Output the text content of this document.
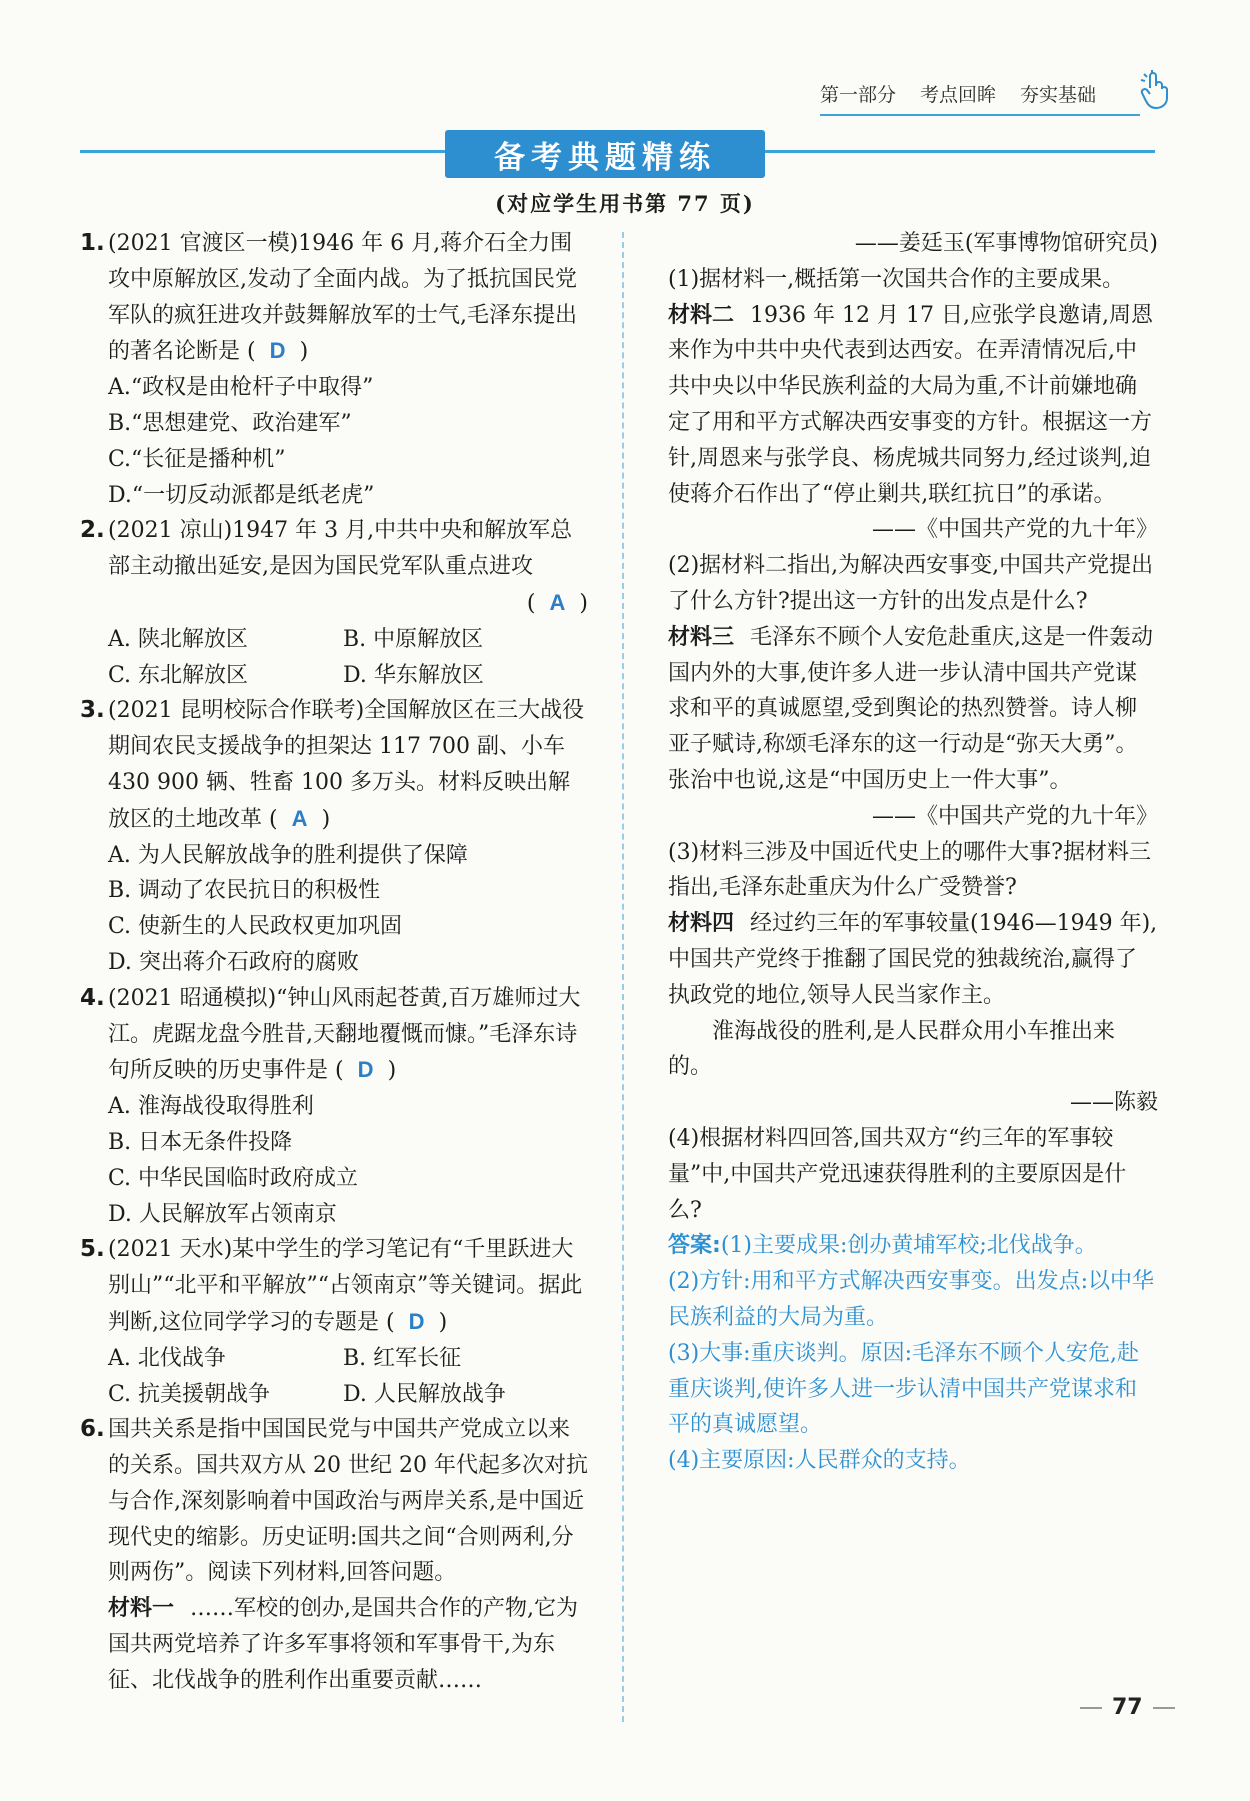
第一部分 考点回眸 夯实基础
备考典题精练
(对应学生用书第 77 页)
1. (2021 官渡区一模)1946 年 6 月,蒋介石全力围攻中原解放区,发动了全面内战。为了抵抗国民党军队的疯狂进攻并鼓舞解放军的士气,毛泽东提出的著名论断是 ( D )
A.“政权是由枪杆子中取得”
B.“思想建党、政治建军”
C.“长征是播种机”
D.“一切反动派都是纸老虎”
2. (2021 凉山)1947 年 3 月,中共中央和解放军总部主动撤出延安,是因为国民党军队重点进攻
( A )
A. 陕北解放区	B. 中原解放区
C. 东北解放区	D. 华东解放区
3. (2021 昆明校际合作联考)全国解放区在三大战役期间农民支援战争的担架达 117 700 副、小车 430 900 辆、牲畜 100 多万头。材料反映出解放区的土地改革 ( A )
A. 为人民解放战争的胜利提供了保障
B. 调动了农民抗日的积极性
C. 使新生的人民政权更加巩固
D. 突出蒋介石政府的腐败
4. (2021 昭通模拟)“钟山风雨起苍黄,百万雄师过大江。虎踞龙盘今胜昔,天翻地覆慨而慷。”毛泽东诗句所反映的历史事件是 ( D )
A. 淮海战役取得胜利
B. 日本无条件投降
C. 中华民国临时政府成立
D. 人民解放军占领南京
5. (2021 天水)某中学生的学习笔记有“千里跃进大别山”“北平和平解放”“占领南京”等关键词。据此判断,这位同学学习的专题是 ( D )
A. 北伐战争	B. 红军长征
C. 抗美援朝战争	D. 人民解放战争
6. 国共关系是指中国国民党与中国共产党成立以来的关系。国共双方从 20 世纪 20 年代起多次对抗与合作,深刻影响着中国政治与两岸关系,是中国近现代史的缩影。历史证明:国共之间“合则两利,分则两伤”。阅读下列材料,回答问题。
材料一 ……军校的创办,是国共合作的产物,它为国共两党培养了许多军事将领和军事骨干,为东征、北伐战争的胜利作出重要贡献……
——姜廷玉(军事博物馆研究员)
(1)据材料一,概括第一次国共合作的主要成果。
材料二 1936 年 12 月 17 日,应张学良邀请,周恩来作为中共中央代表到达西安。在弄清情况后,中共中央以中华民族利益的大局为重,不计前嫌地确定了用和平方式解决西安事变的方针。根据这一方针,周恩来与张学良、杨虎城共同努力,经过谈判,迫使蒋介石作出了“停止剿共,联红抗日”的承诺。
——《中国共产党的九十年》
(2)据材料二指出,为解决西安事变,中国共产党提出了什么方针?提出这一方针的出发点是什么?
材料三 毛泽东不顾个人安危赴重庆,这是一件轰动国内外的大事,使许多人进一步认清中国共产党谋求和平的真诚愿望,受到舆论的热烈赞誉。诗人柳亚子赋诗,称颂毛泽东的这一行动是“弥天大勇”。张治中也说,这是“中国历史上一件大事”。
——《中国共产党的九十年》
(3)材料三涉及中国近代史上的哪件大事?据材料三指出,毛泽东赴重庆为什么广受赞誉?
材料四 经过约三年的军事较量(1946—1949 年),中国共产党终于推翻了国民党的独裁统治,赢得了执政党的地位,领导人民当家作主。
淮海战役的胜利,是人民群众用小车推出来的。
——陈毅
(4)根据材料四回答,国共双方“约三年的军事较量”中,中国共产党迅速获得胜利的主要原因是什么?
答案:(1)主要成果:创办黄埔军校;北伐战争。
(2)方针:用和平方式解决西安事变。出发点:以中华民族利益的大局为重。
(3)大事:重庆谈判。原因:毛泽东不顾个人安危,赴重庆谈判,使许多人进一步认清中国共产党谋求和平的真诚愿望。
(4)主要原因:人民群众的支持。
77
